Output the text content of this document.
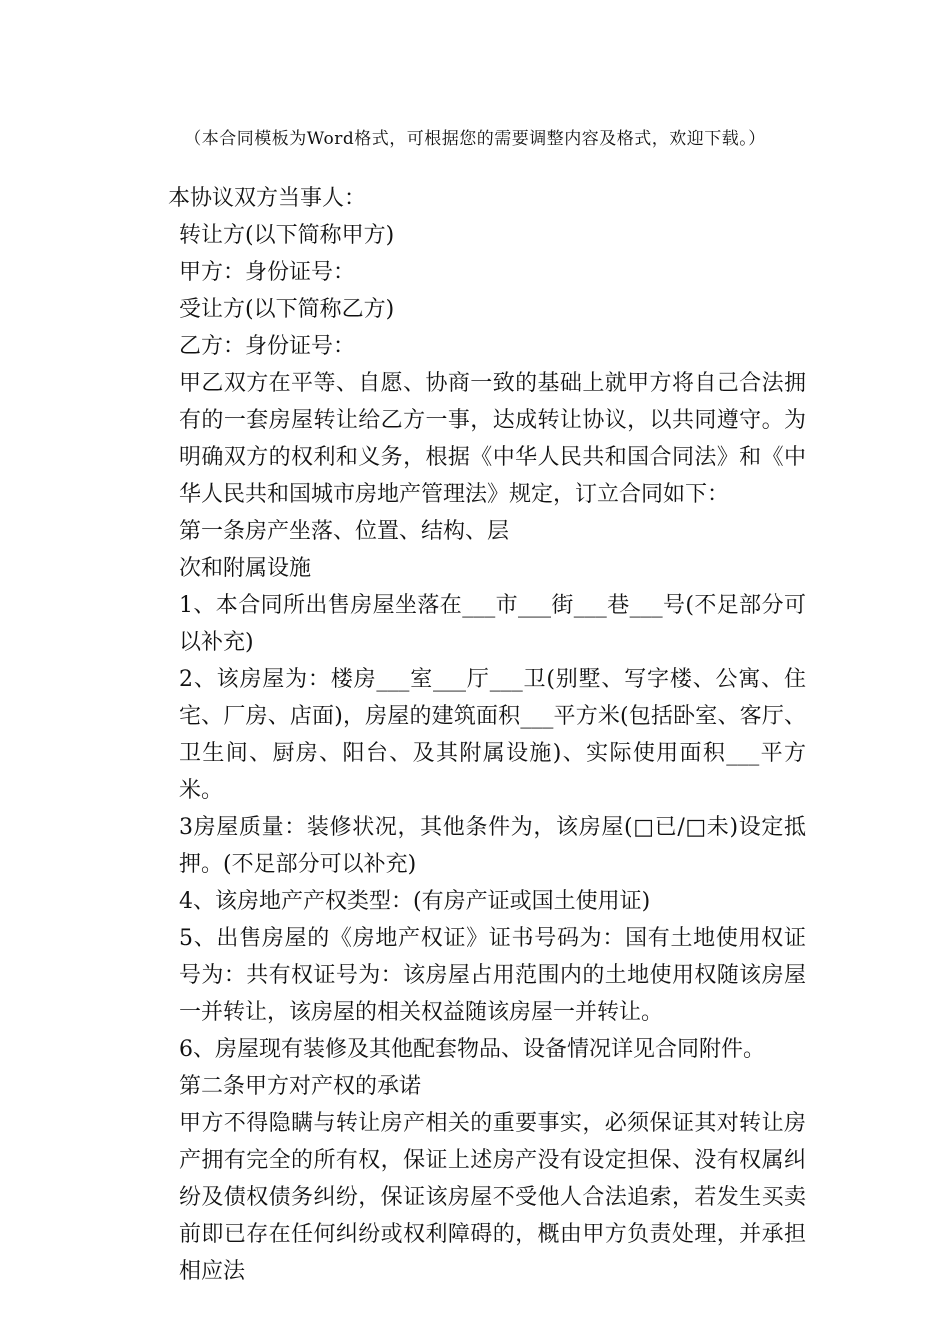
（本合同模板为Word格式，可根据您的需要调整内容及格式，欢迎下载。）

本协议双方当事人：

转让方(以下简称甲方)

甲方：身份证号：

受让方(以下简称乙方)

乙方：身份证号：

甲乙双方在平等、自愿、协商一致的基础上就甲方将自己合法拥有的一套房屋转让给乙方一事，达成转让协议，以共同遵守。为明确双方的权利和义务，根据《中华人民共和国合同法》和《中华人民共和国城市房地产管理法》规定，订立合同如下：

第一条房产坐落、位置、结构、层

次和附属设施

1、本合同所出售房屋坐落在___市___街___巷___号(不足部分可以补充)

2、该房屋为：楼房___室___厅___卫(别墅、写字楼、公寓、住宅、厂房、店面)，房屋的建筑面积___平方米(包括卧室、客厅、卫生间、厨房、阳台、及其附属设施)、实际使用面积___平方米。

3房屋质量：装修状况，其他条件为，该房屋(□已/□未)设定抵押。(不足部分可以补充)

4、该房地产产权类型：(有房产证或国土使用证)

5、出售房屋的《房地产权证》证书号码为：国有土地使用权证号为：共有权证号为：该房屋占用范围内的土地使用权随该房屋一并转让，该房屋的相关权益随该房屋一并转让。

6、房屋现有装修及其他配套物品、设备情况详见合同附件。

第二条甲方对产权的承诺

甲方不得隐瞒与转让房产相关的重要事实，必须保证其对转让房产拥有完全的所有权，保证上述房产没有设定担保、没有权属纠纷及债权债务纠纷，保证该房屋不受他人合法追索，若发生买卖前即已存在任何纠纷或权利障碍的，概由甲方负责处理，并承担相应法
